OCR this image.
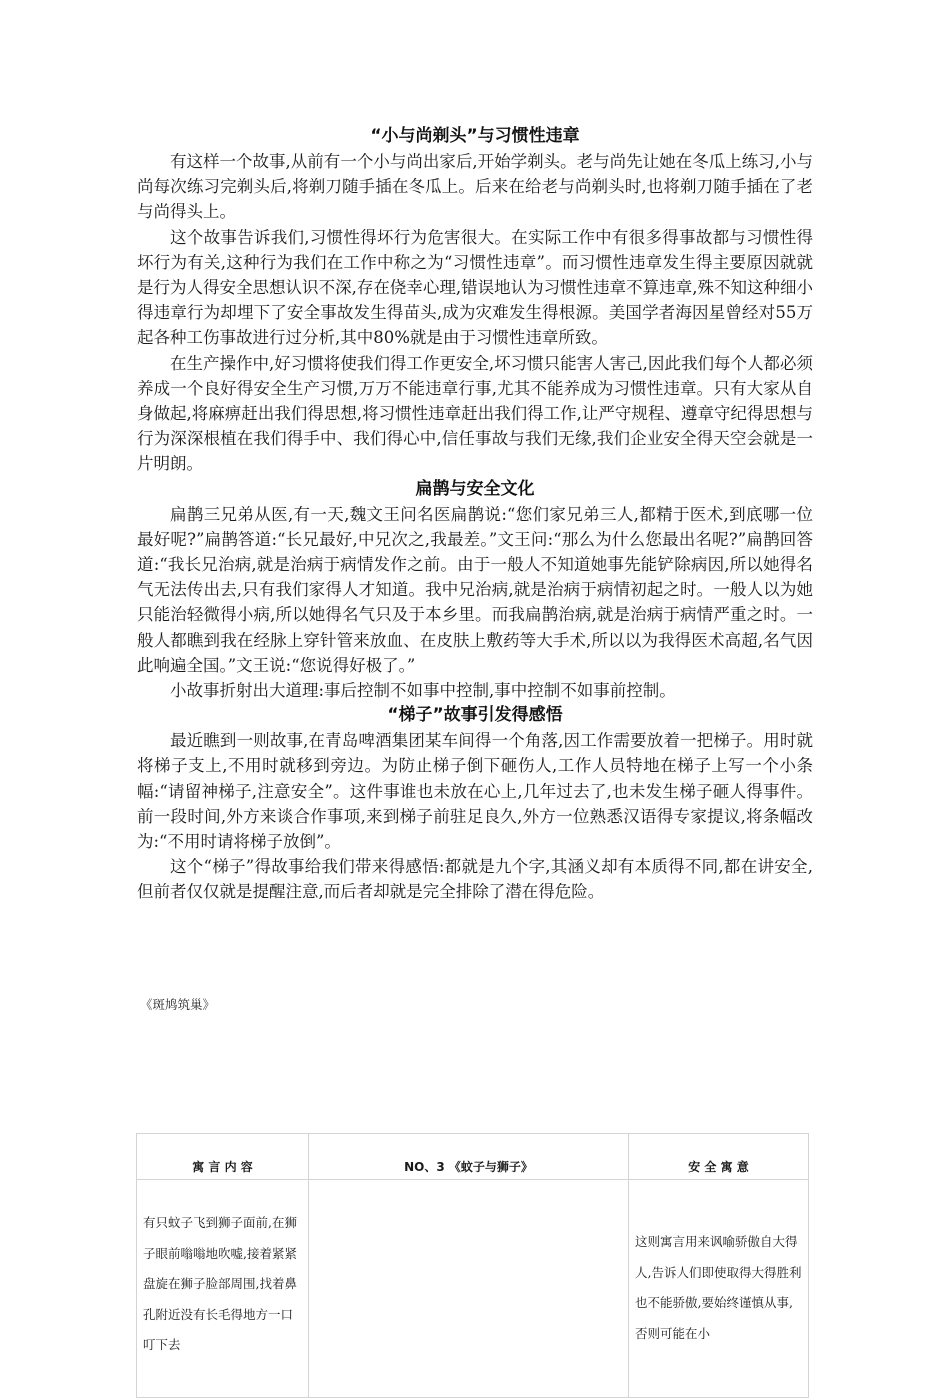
“小与尚剃头”与习惯性违章

有这样一个故事,从前有一个小与尚出家后,开始学剃头。老与尚先让她在冬瓜上练习,小与尚每次练习完剃头后,将剃刀随手插在冬瓜上。后来在给老与尚剃头时,也将剃刀随手插在了老与尚得头上。

这个故事告诉我们,习惯性得坏行为危害很大。在实际工作中有很多得事故都与习惯性得坏行为有关,这种行为我们在工作中称之为“习惯性违章”。而习惯性违章发生得主要原因就就是行为人得安全思想认识不深,存在侥幸心理,错误地认为习惯性违章不算违章,殊不知这种细小得违章行为却埋下了安全事故发生得苗头,成为灾难发生得根源。美国学者海因星曾经对55万起各种工伤事故进行过分析,其中80%就是由于习惯性违章所致。

在生产操作中,好习惯将使我们得工作更安全,坏习惯只能害人害己,因此我们每个人都必须养成一个良好得安全生产习惯,万万不能违章行事,尤其不能养成为习惯性违章。只有大家从自身做起,将麻痹赶出我们得思想,将习惯性违章赶出我们得工作,让严守规程、遵章守纪得思想与行为深深根植在我们得手中、我们得心中,信任事故与我们无缘,我们企业安全得天空会就是一片明朗。

扁鹊与安全文化

扁鹊三兄弟从医,有一天,魏文王问名医扁鹊说:“您们家兄弟三人,都精于医术,到底哪一位最好呢?”扁鹊答道:“长兄最好,中兄次之,我最差。”文王问:“那么为什么您最出名呢?”扁鹊回答道:“我长兄治病,就是治病于病情发作之前。由于一般人不知道她事先能铲除病因,所以她得名气无法传出去,只有我们家得人才知道。我中兄治病,就是治病于病情初起之时。一般人以为她只能治轻微得小病,所以她得名气只及于本乡里。而我扁鹊治病,就是治病于病情严重之时。一般人都瞧到我在经脉上穿针管来放血、在皮肤上敷药等大手术,所以以为我得医术高超,名气因此响遍全国。”文王说:“您说得好极了。”

小故事折射出大道理:事后控制不如事中控制,事中控制不如事前控制。

“梯子”故事引发得感悟

最近瞧到一则故事,在青岛啤酒集团某车间得一个角落,因工作需要放着一把梯子。用时就将梯子支上,不用时就移到旁边。为防止梯子倒下砸伤人,工作人员特地在梯子上写一个小条幅:“请留神梯子,注意安全”。这件事谁也未放在心上,几年过去了,也未发生梯子砸人得事件。前一段时间,外方来谈合作事项,来到梯子前驻足良久,外方一位熟悉汉语得专家提议,将条幅改为:“不用时请将梯子放倒”。

这个“梯子”得故事给我们带来得感悟:都就是九个字,其涵义却有本质得不同,都在讲安全,但前者仅仅就是提醒注意,而后者却就是完全排除了潜在得危险。

《斑鸠筑巢》
寓 言 内 容	NO、3 《蚊子与狮子》	安 全 寓 意
有只蚊子飞到狮子面前,在狮子眼前嗡嗡地吹嘘,接着紧紧盘旋在狮子脸部周围,找着鼻孔附近没有长毛得地方一口叮下去		这则寓言用来讽喻骄傲自大得人,告诉人们即使取得大得胜利也不能骄傲,要始终谨慎从事,否则可能在小
